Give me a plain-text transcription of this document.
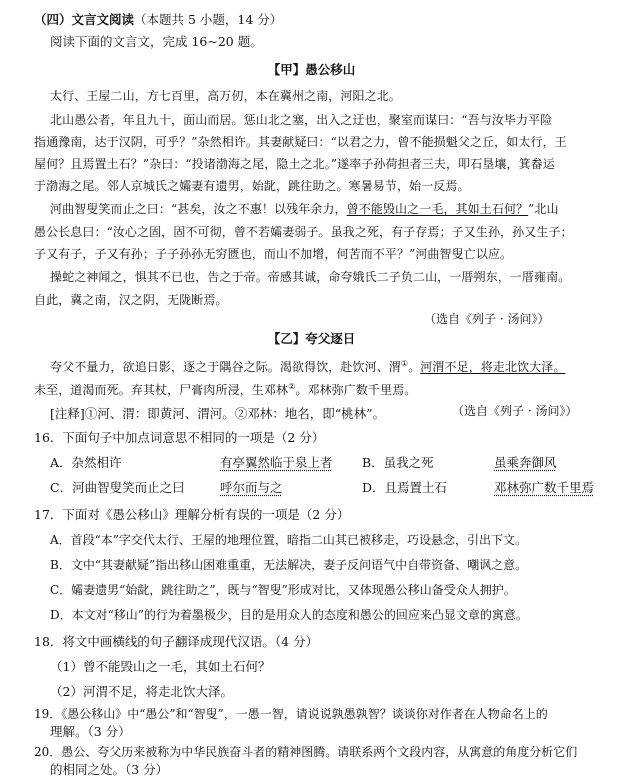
（四）文言文阅读（本题共 5 小题，14 分）
阅读下面的文言文，完成 16~20 题。
【甲】愚公移山
太行、王屋二山，方七百里，高万仞，本在冀州之南，河阳之北。
北山愚公者，年且九十，面山而居。惩山北之塞，出入之迂也，聚室而谋曰：“吾与汝毕力平险
指通豫南，达于汉阴，可乎？”杂然相许。其妻献疑曰：“以君之力，曾不能损魁父之丘，如太行，王
屋何？且焉置土石？”杂曰：“投诸渤海之尾，隐土之北。”遂率子孙荷担者三夫，叩石垦壤，箕畚运
于渤海之尾。邻人京城氏之孀妻有遗男，始龀，跳往助之。寒暑易节，始一反焉。
河曲智叟笑而止之曰：“甚矣，汝之不惠！以残年余力，曾不能毁山之一毛，其如土石何？”北山
愚公长息曰：“汝心之固，固不可彻，曾不若孀妻弱子。虽我之死，有子存焉；子又生孙，孙又生子；
子又有子，子又有孙；子子孙孙无穷匮也，而山不加增，何苦而不平？”河曲智叟亡以应。
操蛇之神闻之，惧其不已也，告之于帝。帝感其诚，命夸娥氏二子负二山，一厝朔东，一厝雍南。
自此，冀之南，汉之阴，无陇断焉。
（选自《列子 · 汤问》）
【乙】夸父逐日
夸父不量力，欲追日影，逐之于隅谷之际。渴欲得饮，赴饮河、渭①。河渭不足，将走北饮大泽。
未至，道渴而死。弃其杖，尸膏肉所浸，生邓林②。邓林弥广数千里焉。
（选自《列子 · 汤问》）
[注释]①河、渭：即黄河、渭河。②邓林：地名，即“桃林”。
16．下面句子中加点词意思不相同的一项是（2 分）
A．杂然相许	有亭翼然临于泉上者 B．虽我之死	虽乘奔御风
C．河曲智叟笑而止之曰	呼尔而与之	D．且焉置土石	邓林弥广数千里焉
17．下面对《愚公移山》理解分析有误的一项是（2 分）
A．首段“本”字交代太行、王屋的地理位置，暗指二山其已被移走，巧设悬念，引出下文。
B．文中“其妻献疑”指出移山困难重重，无法解决，妻子反问语气中自带资备、嘲讽之意。
C．孀妻遗男“始龀，跳往助之”，既与“智叟”形成对比，又体现愚公移山备受众人拥护。
D．本文对“移山”的行为着墨极少，目的是用众人的态度和愚公的回应来凸显文章的寓意。
18．将文中画横线的句子翻译成现代汉语。（4 分）
（1）曾不能毁山之一毛，其如土石何？
（2）河渭不足，将走北饮大泽。
19．《愚公移山》中“愚公”和“智叟”，一愚一智，请说说孰愚孰智？谈谈你对作者在人物命名上的
理解。（3 分）
20．愚公、夸父历来被称为中华民族奋斗者的精神图腾。请联系两个文段内容，从寓意的角度分析它们
的相同之处。（3 分）
